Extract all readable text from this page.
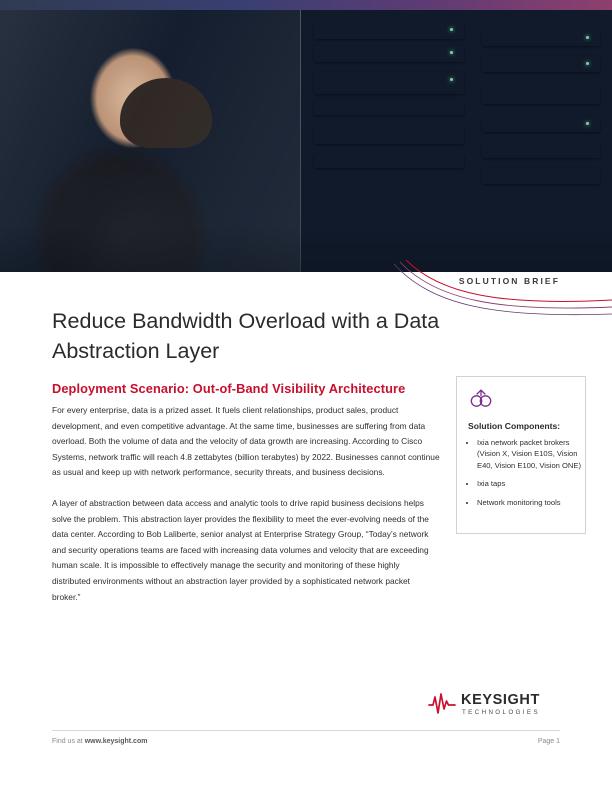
SOLUTION BRIEF
Reduce Bandwidth Overload with a Data Abstraction Layer
Deployment Scenario: Out-of-Band Visibility Architecture

For every enterprise, data is a prized asset. It fuels client relationships, product sales, product development, and even competitive advantage. At the same time, businesses are suffering from data overload. Both the volume of data and the velocity of data growth are increasing. According to Cisco Systems, network traffic will reach 4.8 zettabytes (billion terabytes) by 2022. Businesses cannot continue as usual and keep up with network performance, security threats, and business decisions.

A layer of abstraction between data access and analytic tools to drive rapid business decisions helps solve the problem. This abstraction layer provides the flexibility to meet the ever-evolving needs of the data center. According to Bob Laliberte, senior analyst at Enterprise Strategy Group, “Today’s network and security operations teams are faced with increasing data volumes and velocity that are exceeding human scale. It is impossible to effectively manage the security and monitoring of these highly distributed environments without an abstraction layer provided by a sophisticated network packet broker.”

Solution Components:
• Ixia network packet brokers (Vision X, Vision E10S, Vision E40, Vision E100, Vision ONE)
• Ixia taps
• Network monitoring tools
KEYSIGHT
TECHNOLOGIES
Find us at www.keysight.com	Page 1
